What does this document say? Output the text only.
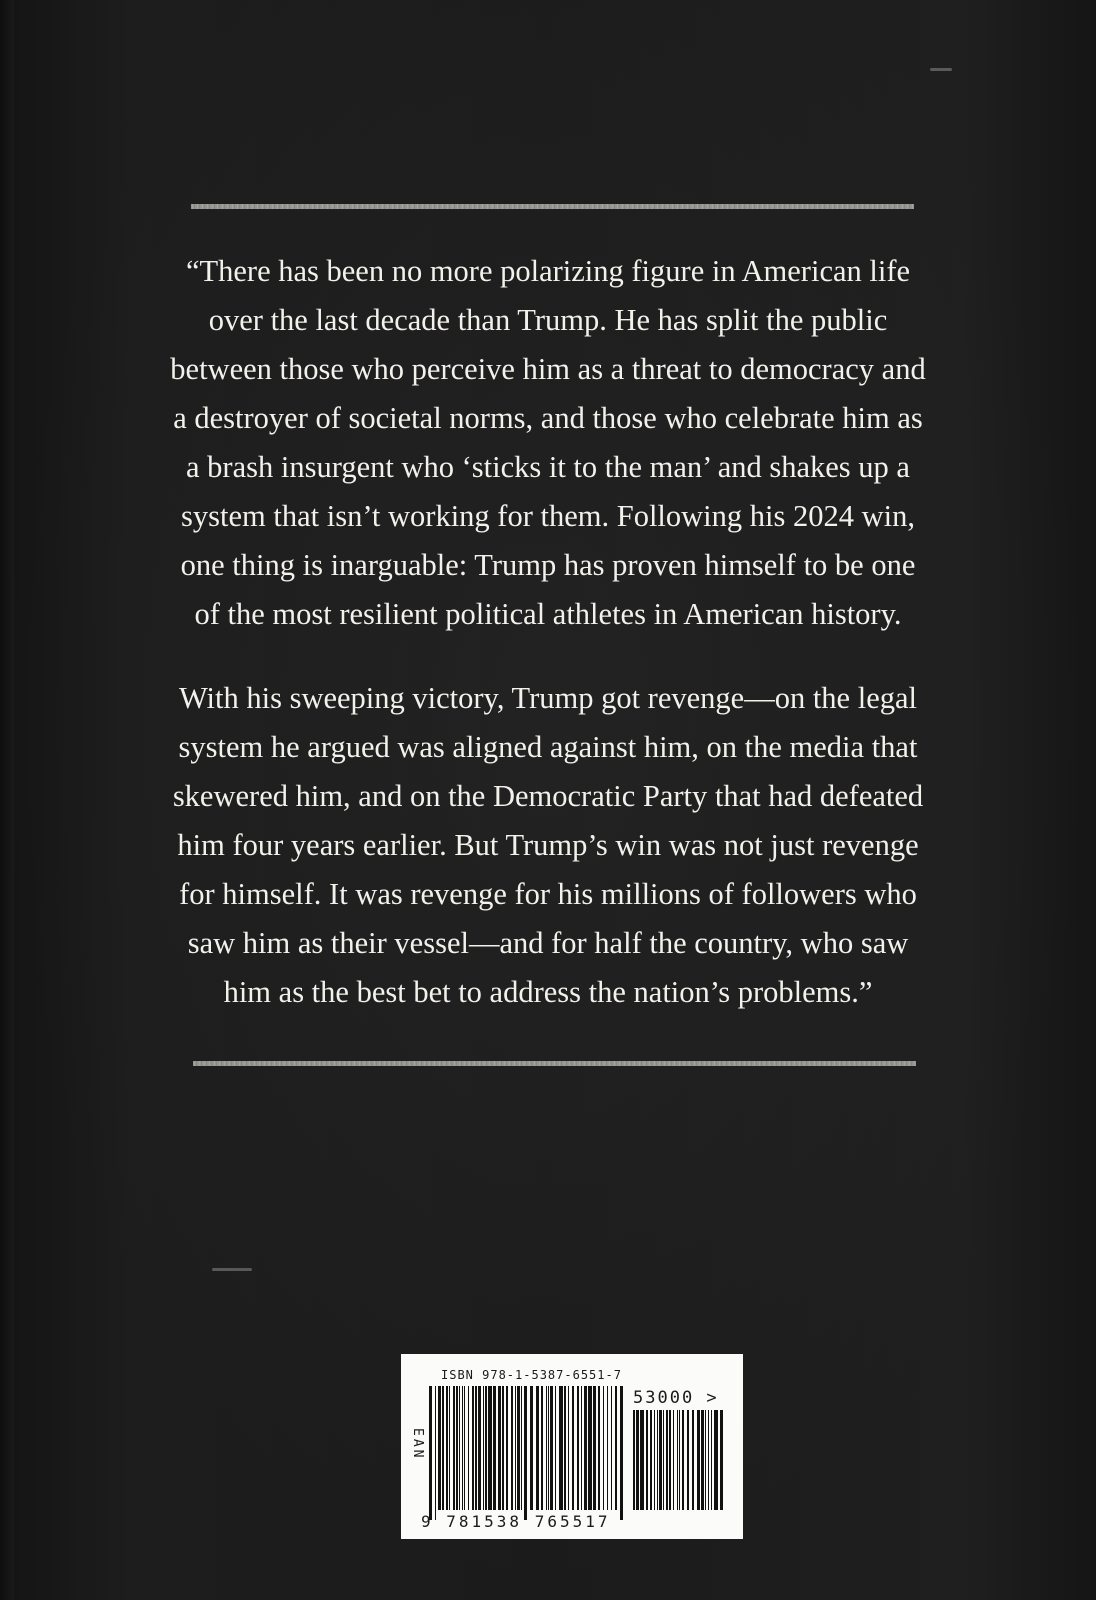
“There has been no more polarizing figure in American life
over the last decade than Trump. He has split the public
between those who perceive him as a threat to democracy and
a destroyer of societal norms, and those who celebrate him as
a brash insurgent who ‘sticks it to the man’ and shakes up a
system that isn’t working for them. Following his 2024 win,
one thing is inarguable: Trump has proven himself to be one
of the most resilient political athletes in American history.
With his sweeping victory, Trump got revenge—on the legal
system he argued was aligned against him, on the media that
skewered him, and on the Democratic Party that had defeated
him four years earlier. But Trump’s win was not just revenge
for himself. It was revenge for his millions of followers who
saw him as their vessel—and for half the country, who saw
him as the best bet to address the nation’s problems.”
ISBN 978-1-5387-6551-7
53000 >
EAN
9 781538 765517
